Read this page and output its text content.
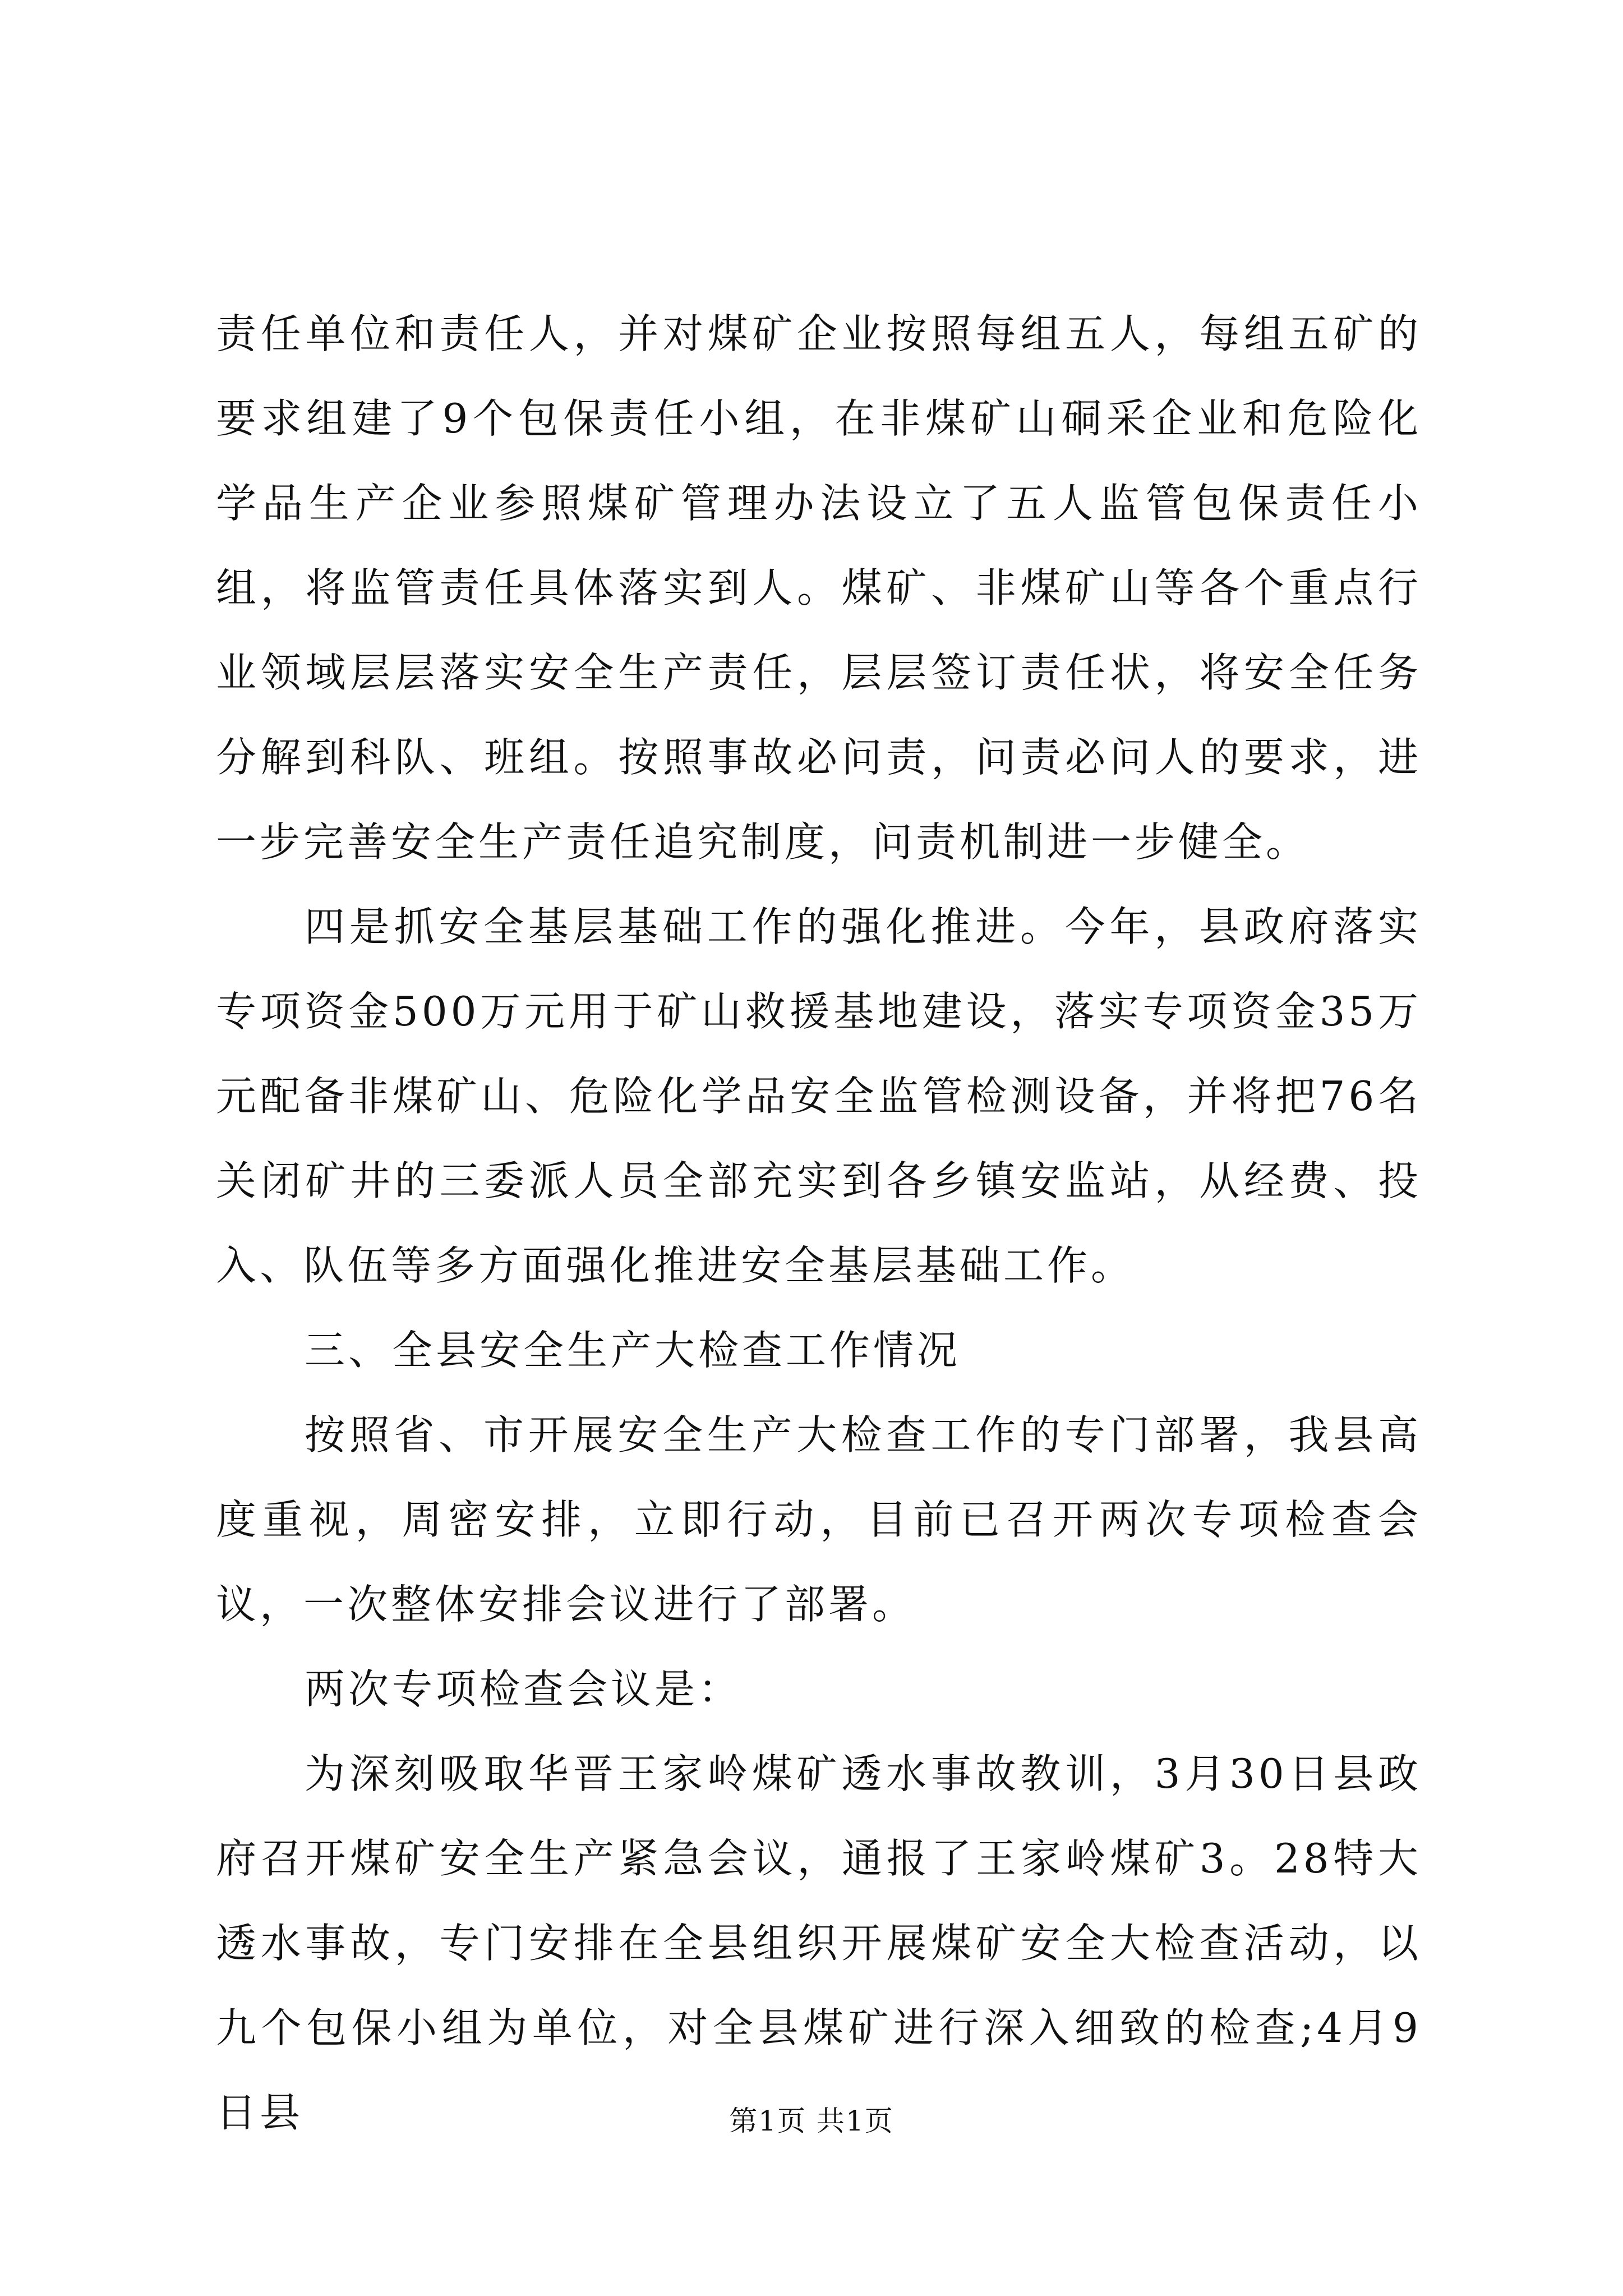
责任单位和责任人，并对煤矿企业按照每组五人，每组五矿的要求组建了9个包保责任小组，在非煤矿山硐采企业和危险化学品生产企业参照煤矿管理办法设立了五人监管包保责任小组，将监管责任具体落实到人。煤矿、非煤矿山等各个重点行业领域层层落实安全生产责任，层层签订责任状，将安全任务分解到科队、班组。按照事故必问责，问责必问人的要求，进一步完善安全生产责任追究制度，问责机制进一步健全。

四是抓安全基层基础工作的强化推进。今年，县政府落实专项资金500万元用于矿山救援基地建设，落实专项资金35万元配备非煤矿山、危险化学品安全监管检测设备，并将把76名关闭矿井的三委派人员全部充实到各乡镇安监站，从经费、投入、队伍等多方面强化推进安全基层基础工作。

三、全县安全生产大检查工作情况

按照省、市开展安全生产大检查工作的专门部署，我县高度重视，周密安排，立即行动，目前已召开两次专项检查会议，一次整体安排会议进行了部署。

两次专项检查会议是：

为深刻吸取华晋王家岭煤矿透水事故教训，3月30日县政府召开煤矿安全生产紧急会议，通报了王家岭煤矿3。28特大透水事故，专门安排在全县组织开展煤矿安全大检查活动，以九个包保小组为单位，对全县煤矿进行深入细致的检查;4月9日县	第1页 共1页
